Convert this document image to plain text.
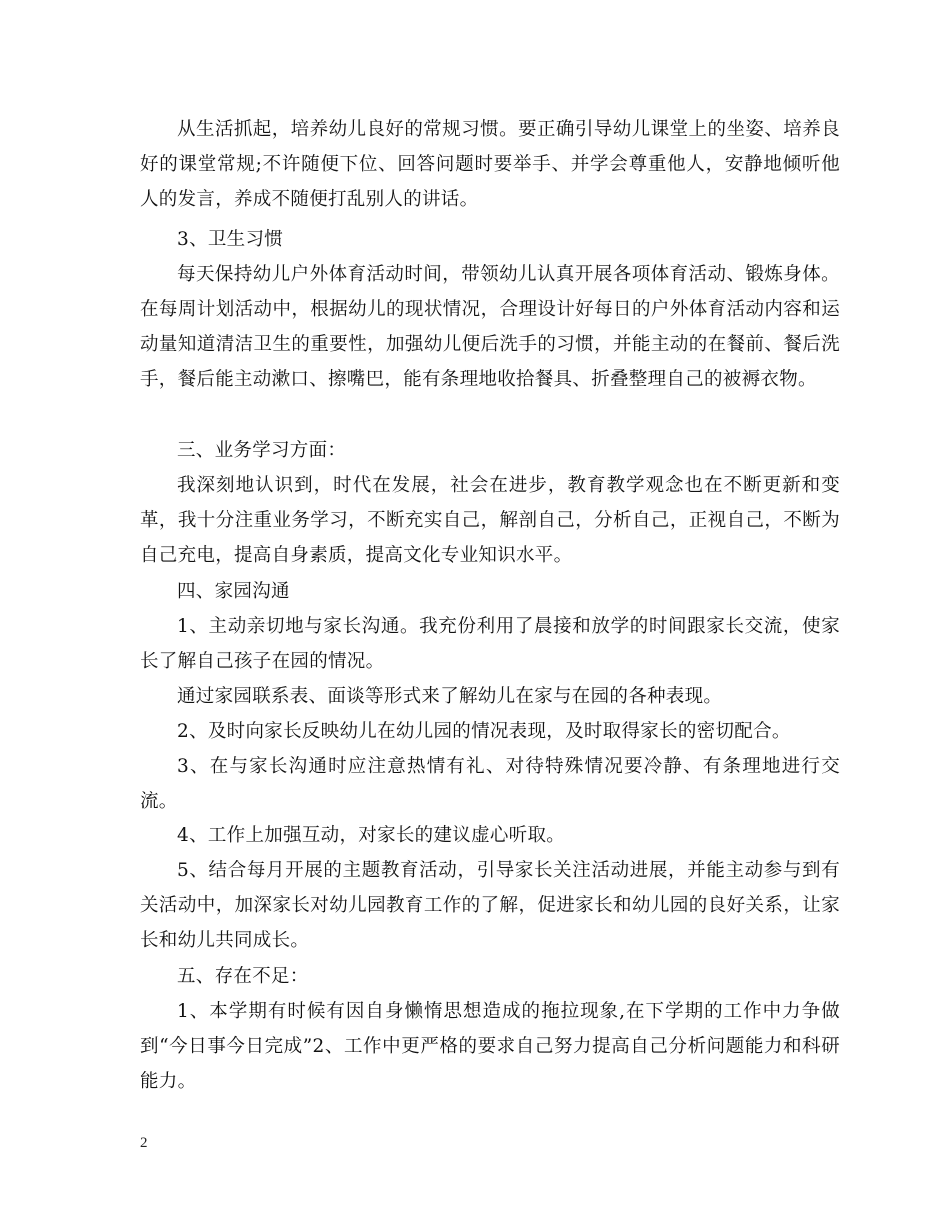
从生活抓起，培养幼儿良好的常规习惯。要正确引导幼儿课堂上的坐姿、培养良好的课堂常规;不许随便下位、回答问题时要举手、并学会尊重他人，安静地倾听他人的发言，养成不随便打乱别人的讲话。

3、卫生习惯

每天保持幼儿户外体育活动时间，带领幼儿认真开展各项体育活动、锻炼身体。在每周计划活动中，根据幼儿的现状情况，合理设计好每日的户外体育活动内容和运动量知道清洁卫生的重要性，加强幼儿便后洗手的习惯，并能主动的在餐前、餐后洗手，餐后能主动漱口、擦嘴巴，能有条理地收拾餐具、折叠整理自己的被褥衣物。

三、业务学习方面：

我深刻地认识到，时代在发展，社会在进步，教育教学观念也在不断更新和变革，我十分注重业务学习，不断充实自己，解剖自己，分析自己，正视自己，不断为自己充电，提高自身素质，提高文化专业知识水平。

四、家园沟通

1、主动亲切地与家长沟通。我充份利用了晨接和放学的时间跟家长交流，使家长了解自己孩子在园的情况。

通过家园联系表、面谈等形式来了解幼儿在家与在园的各种表现。

2、及时向家长反映幼儿在幼儿园的情况表现，及时取得家长的密切配合。

3、在与家长沟通时应注意热情有礼、对待特殊情况要冷静、有条理地进行交流。

4、工作上加强互动，对家长的建议虚心听取。

5、结合每月开展的主题教育活动，引导家长关注活动进展，并能主动参与到有关活动中，加深家长对幼儿园教育工作的了解，促进家长和幼儿园的良好关系，让家长和幼儿共同成长。

五、存在不足：

1、本学期有时候有因自身懒惰思想造成的拖拉现象,在下学期的工作中力争做到“今日事今日完成”2、工作中更严格的要求自己努力提高自己分析问题能力和科研能力。

2
